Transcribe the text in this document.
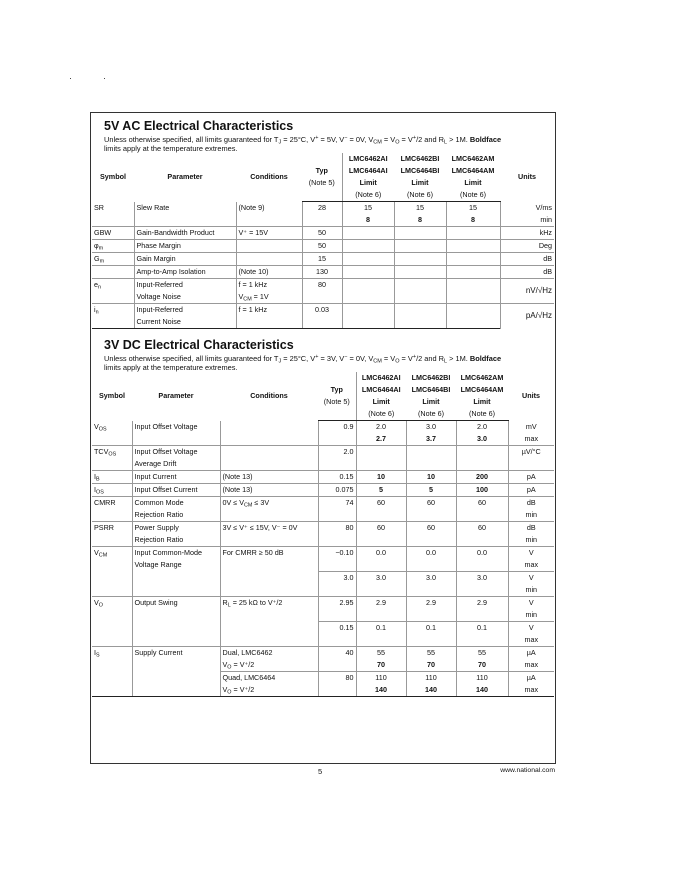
5V AC Electrical Characteristics
Unless otherwise specified, all limits guaranteed for $T_J = 25^\circ C$, V+ = 5V, V− = 0V, $V_{CM} = V_O = V^+/2$ and $R_L > 1M$. Boldface
limits apply at the temperature extremes.
Symbol	Parameter	Conditions		LMC6462AI	LMC6462BI	LMC6462AM	Units
			Typ	LMC6464AI	LMC6464BI	LMC6464AM	
			(Note 5)	Limit	Limit	Limit	
				(Note 6)	(Note 6)	(Note 6)	
SR	Slew Rate	(Note 9)	28	15	15	15	V/ms
				8	8	8	min
GBW	Gain-Bandwidth Product	V⁺ = 15V	50				kHz
$\varphi_m$	Phase Margin		50				Deg
$G_m$	Gain Margin		15				dB
	Amp-to-Amp Isolation	(Note 10)	130				dB
$e_n$	Input-Referred	f = 1 kHz	80				nV/√Hz
	Voltage Noise	$V_{CM} = 1V$					
$i_n$	Input-Referred	f = 1 kHz	0.03				pA/√Hz
	Current Noise						
3V DC Electrical Characteristics
Unless otherwise specified, all limits guaranteed for $T_J = 25^\circ C$, V+ = 3V, V− = 0V, $V_{CM} = V_O = V^+/2$ and $R_L > 1M$. Boldface
limits apply at the temperature extremes.
Symbol	Parameter	Conditions		LMC6462AI	LMC6462BI	LMC6462AM	Units
			Typ	LMC6464AI	LMC6464BI	LMC6464AM	
			(Note 5)	Limit	Limit	Limit	
				(Note 6)	(Note 6)	(Note 6)	
$V_{OS}$	Input Offset Voltage		0.9	2.0	3.0	2.0	mV
				2.7	3.7	3.0	max
$TCV_{OS}$	Input Offset Voltage		2.0				µV/°C
	Average Drift						
$I_B$	Input Current	(Note 13)	0.15	10	10	200	pA
$I_{OS}$	Input Offset Current	(Note 13)	0.075	5	5	100	pA
CMRR	Common Mode	$0V \le V_{CM} \le 3V$	74	60	60	60	dB
	Rejection Ratio						min
PSRR	Power Supply	3V ≤ V⁺ ≤ 15V, V⁻ = 0V	80	60	60	60	dB
	Rejection Ratio						min
$V_{CM}$	Input Common-Mode	For CMRR ≥ 50 dB	−0.10	0.0	0.0	0.0	V
	Voltage Range						max
			3.0	3.0	3.0	3.0	V
							min
$V_O$	Output Swing	$R_L = 25$ kΩ to V⁺/2	2.95	2.9	2.9	2.9	V
							min
			0.15	0.1	0.1	0.1	V
							max
$I_S$	Supply Current	Dual, LMC6462	40	55	55	55	µA
		$V_O = V^+/2$		70	70	70	max
		Quad, LMC6464	80	110	110	110	µA
		$V_O = V^+/2$		140	140	140	max
5	www.national.com
